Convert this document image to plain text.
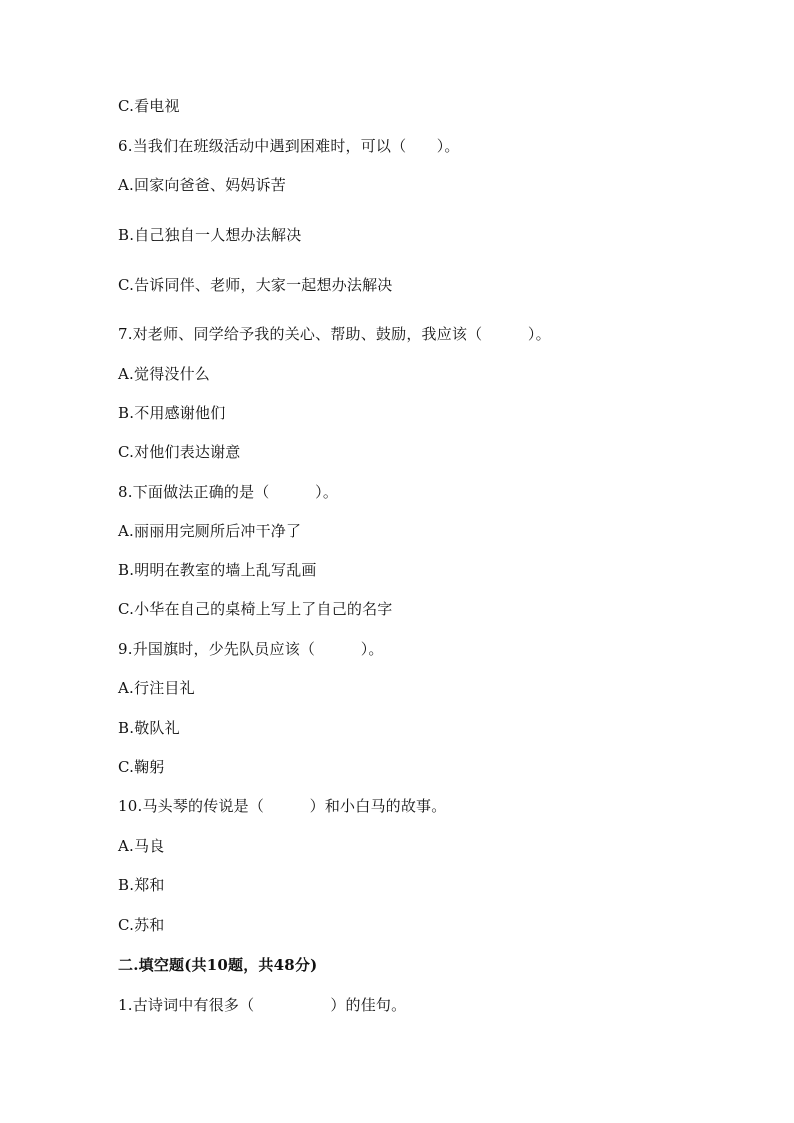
C.看电视
6.当我们在班级活动中遇到困难时，可以（　　）。
A.回家向爸爸、妈妈诉苦
B.自己独自一人想办法解决
C.告诉同伴、老师，大家一起想办法解决
7.对老师、同学给予我的关心、帮助、鼓励，我应该（　　　）。
A.觉得没什么
B.不用感谢他们
C.对他们表达谢意
8.下面做法正确的是（　　　）。
A.丽丽用完厕所后冲干净了
B.明明在教室的墙上乱写乱画
C.小华在自己的桌椅上写上了自己的名字
9.升国旗时，少先队员应该（　　　）。
A.行注目礼
B.敬队礼
C.鞠躬
10.马头琴的传说是（　　　）和小白马的故事。
A.马良
B.郑和
C.苏和
二.填空题(共10题，共48分)
1.古诗词中有很多（　　　　　）的佳句。
